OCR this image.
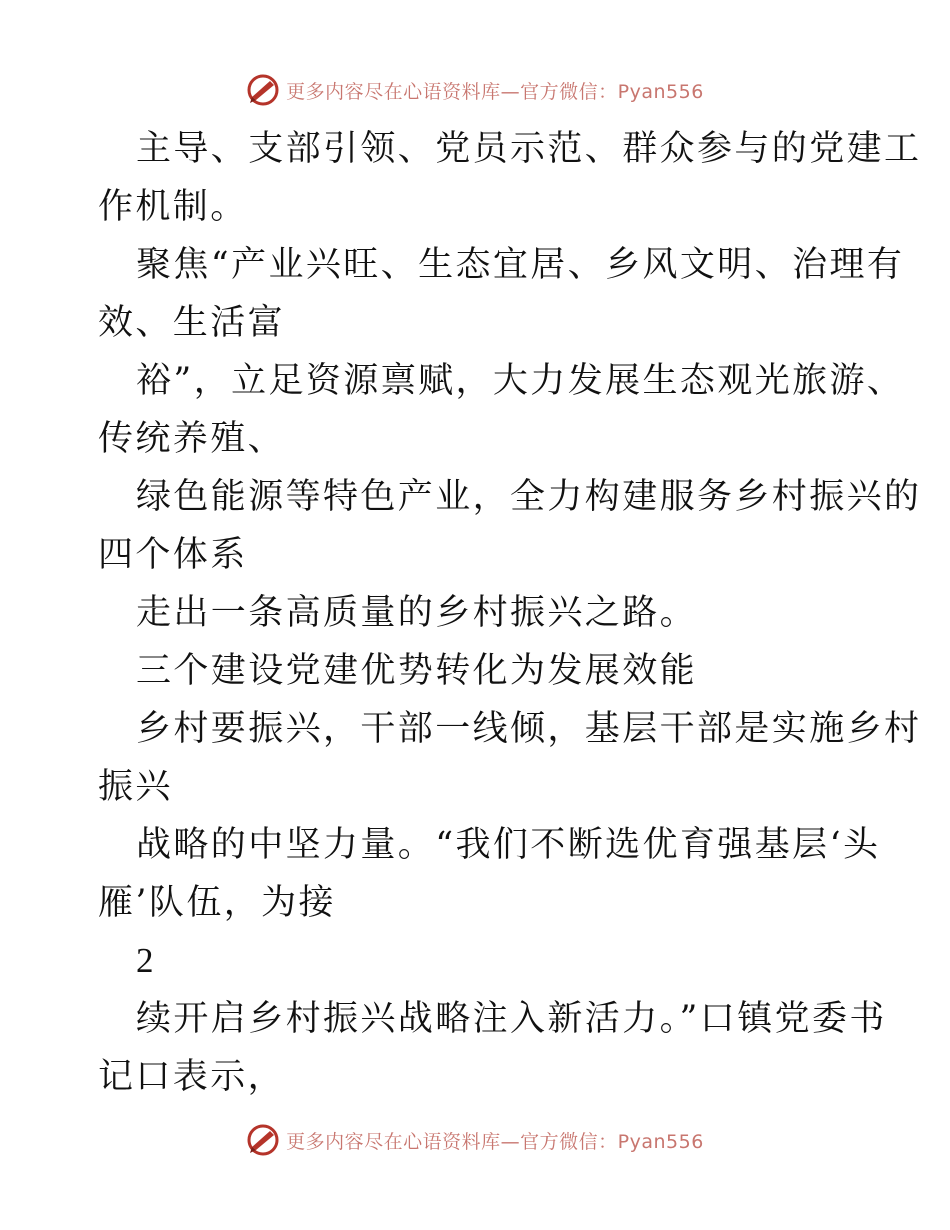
更多内容尽在心语资料库—官方微信：Pyan556
主导、支部引领、党员示范、群众参与的党建工
作机制。
聚焦“产业兴旺、生态宜居、乡风文明、治理有
效、生活富
裕”，立足资源禀赋，大力发展生态观光旅游、
传统养殖、
绿色能源等特色产业，全力构建服务乡村振兴的
四个体系
走出一条高质量的乡村振兴之路。
三个建设党建优势转化为发展效能
乡村要振兴，干部一线倾，基层干部是实施乡村
振兴
战略的中坚力量。“我们不断选优育强基层‘头
雁’队伍，为接
2
续开启乡村振兴战略注入新活力。”口镇党委书
记口表示，
更多内容尽在心语资料库—官方微信：Pyan556
